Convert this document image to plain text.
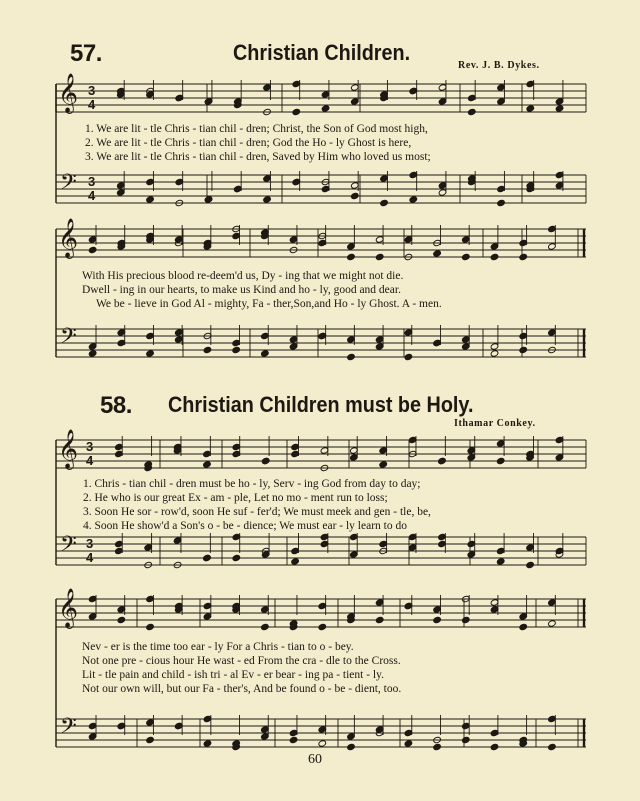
57.	Christian Children.
Rev. J. B. Dykes.
𝄞 3
4
𝄢 3
4
𝄞
𝄢
𝄞 3
4
𝄢 3
4
𝄞
𝄢
1. We are lit - tle Chris - tian chil - dren; Christ, the Son of God most high,
2. We are lit - tle Chris - tian chil - dren; God the Ho - ly Ghost is here,
3. We are lit - tle Chris - tian chil - dren, Saved by Him who loved us most;
With His precious blood re-deem'd us, Dy - ing that we might not die.
Dwell - ing in our hearts, to make us Kind and ho - ly, good and dear.
We be - lieve in God Al - mighty, Fa - ther,Son,and Ho - ly Ghost. A - men.
58. Christian Children must be Holy.
Ithamar Conkey.
1. Chris - tian chil - dren must be ho - ly, Serv - ing God from day to day;
2. He who is our great Ex - am - ple, Let no mo - ment run to loss;
3. Soon He sor - row'd, soon He suf - fer'd; We must meek and gen - tle, be,
4. Soon He show'd a Son's o - be - dience; We must ear - ly learn to do
Nev - er is the time too ear - ly For a Chris - tian to o - bey.
Not one pre - cious hour He wast - ed From the cra - dle to the Cross.
Lit - tle pain and child - ish tri - al Ev - er bear - ing pa - tient - ly.
Not our own will, but our Fa - ther's, And be found o - be - dient, too.
60
